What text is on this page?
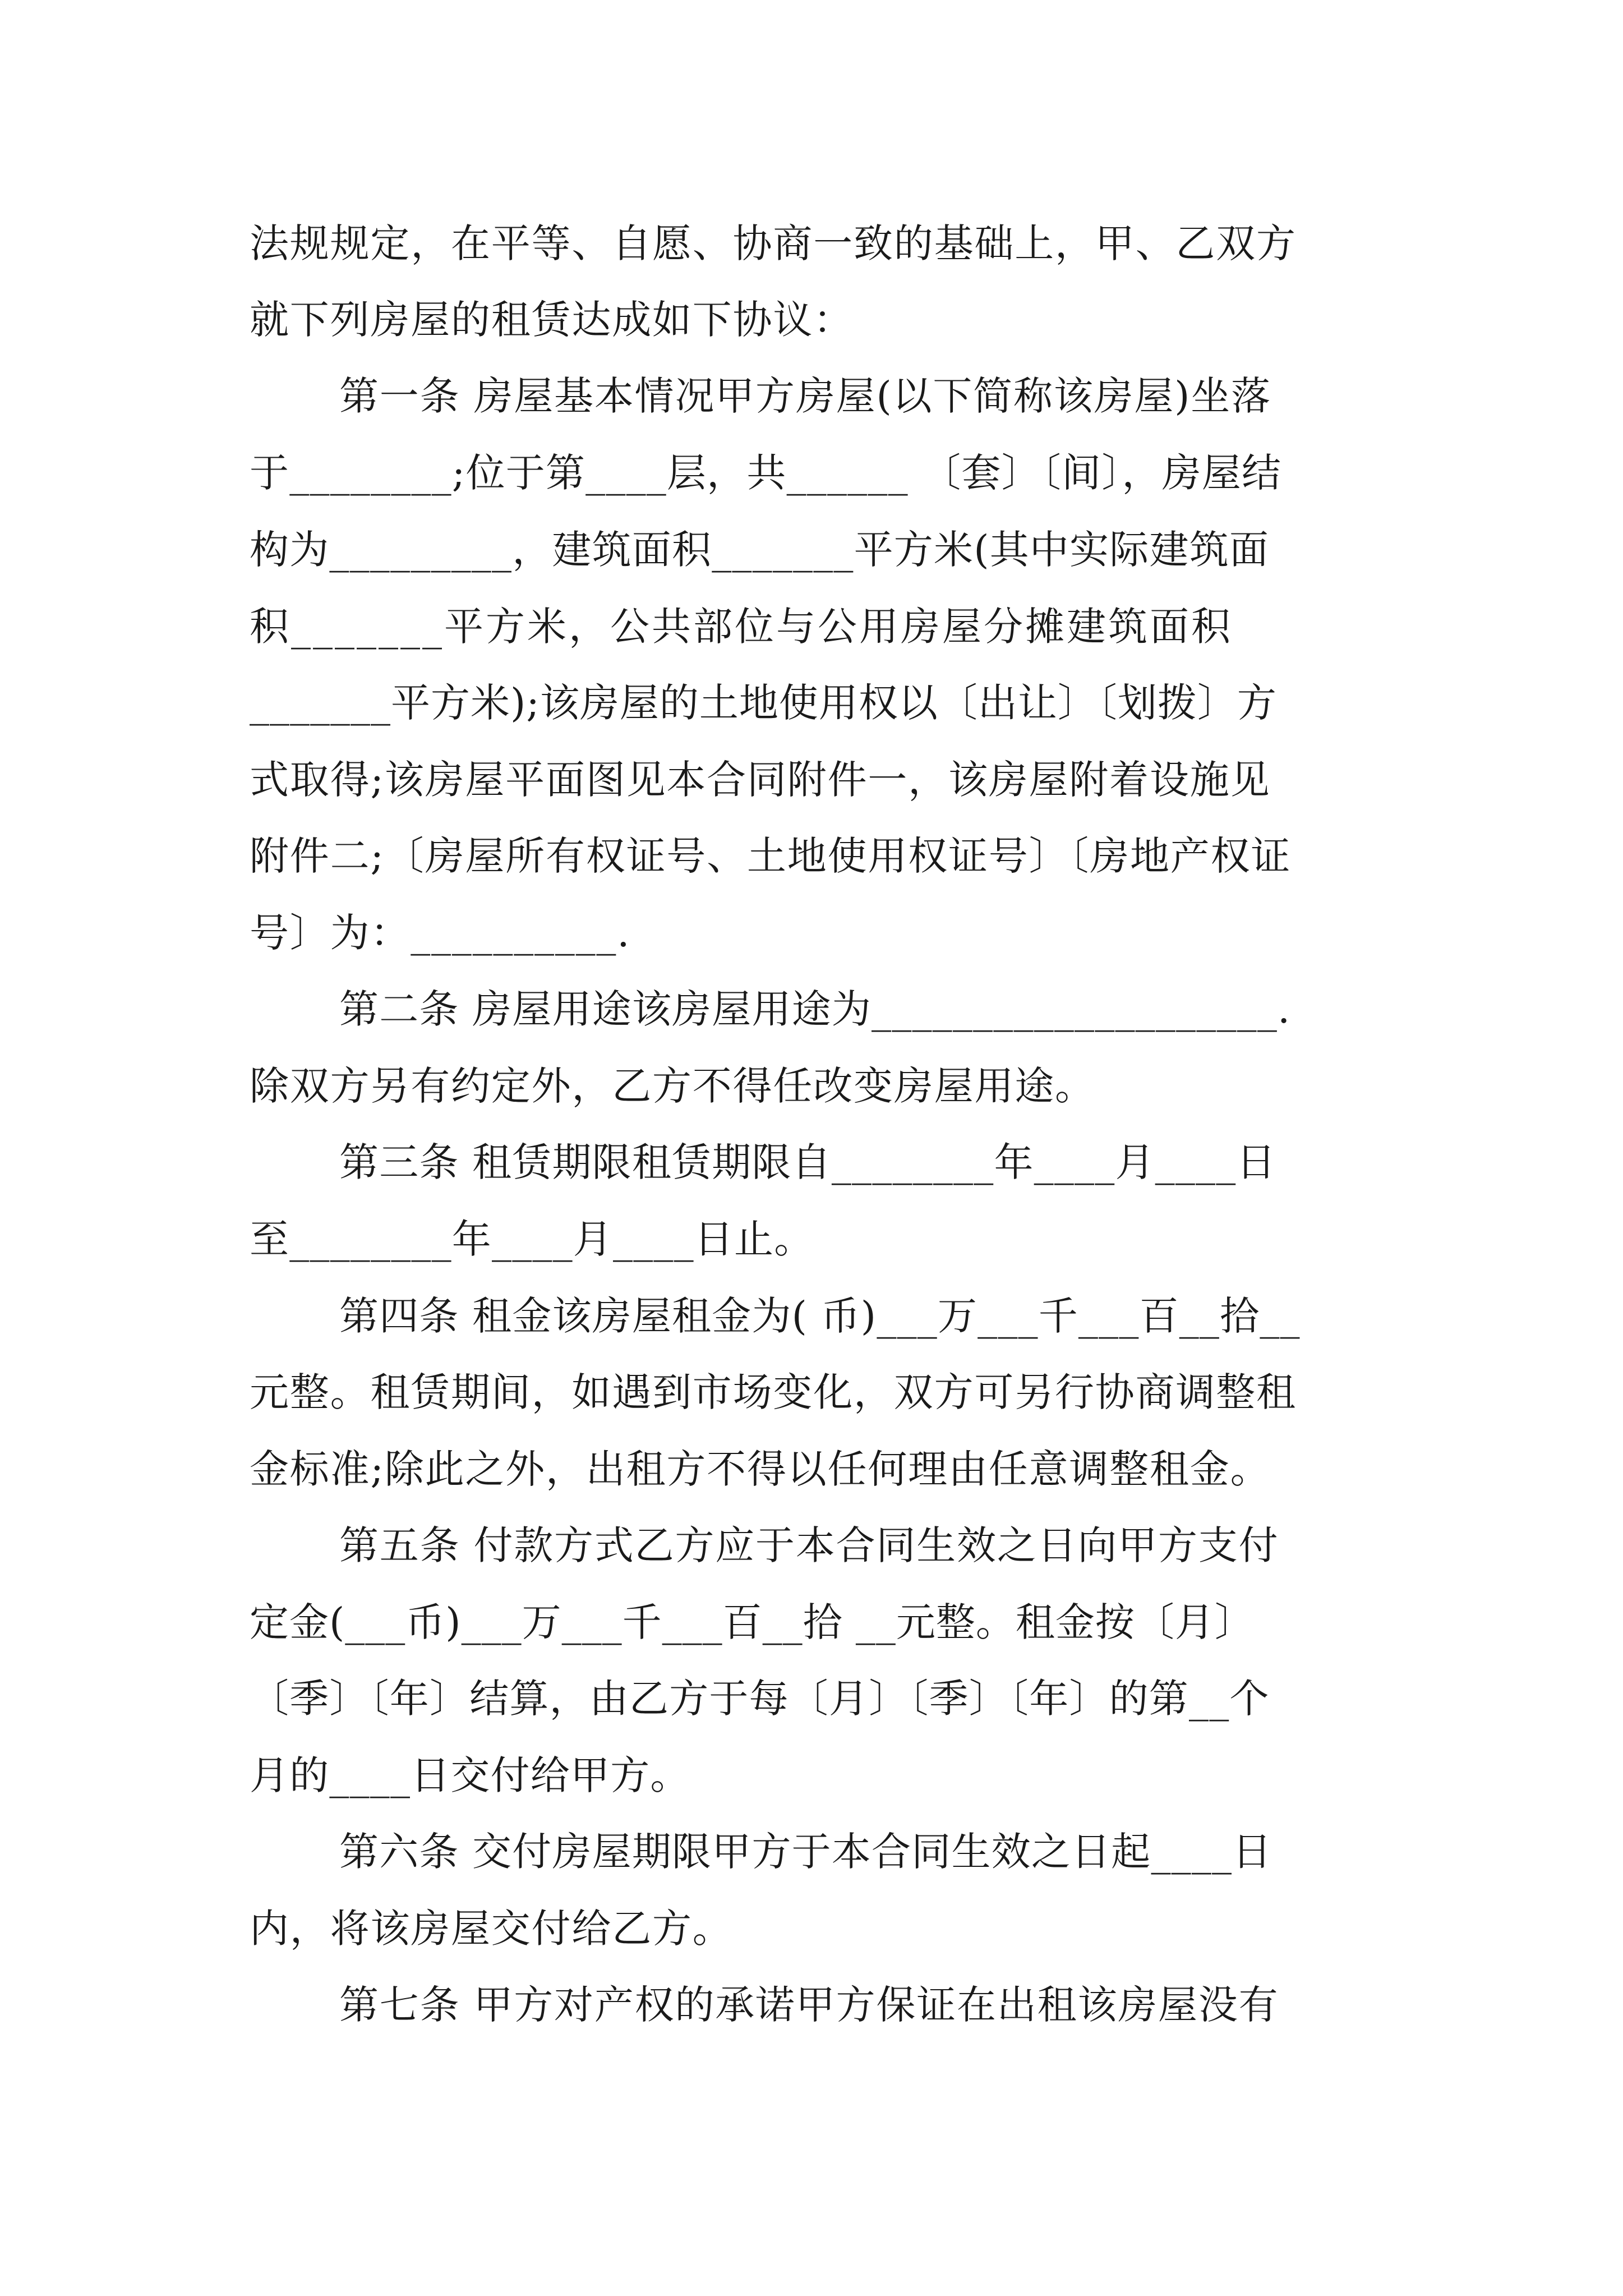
法规规定，在平等、自愿、协商一致的基础上，甲、乙双方
就下列房屋的租赁达成如下协议：
第一条 房屋基本情况甲方房屋(以下简称该房屋)坐落
于________;位于第____层，共______ 〔套〕〔间〕，房屋结
构为_________，建筑面积_______平方米(其中实际建筑面
积_______平方米，公共部位与公用房屋分摊建筑面积
_______平方米);该房屋的土地使用权以〔出让〕〔划拨〕方
式取得;该房屋平面图见本合同附件一，该房屋附着设施见
附件二;〔房屋所有权证号、土地使用权证号〕〔房地产权证
号〕为：__________.
第二条 房屋用途该房屋用途为____________________.
除双方另有约定外，乙方不得任改变房屋用途。
第三条 租赁期限租赁期限自________年____月____日
至________年____月____日止。
第四条 租金该房屋租金为( 币)___万___千___百__拾__
元整。租赁期间，如遇到市场变化，双方可另行协商调整租
金标准;除此之外，出租方不得以任何理由任意调整租金。
第五条 付款方式乙方应于本合同生效之日向甲方支付
定金(___币)___万___千___百__拾 __元整。租金按〔月〕
〔季〕〔年〕结算，由乙方于每〔月〕〔季〕〔年〕的第__个
月的____日交付给甲方。
第六条 交付房屋期限甲方于本合同生效之日起____日
内，将该房屋交付给乙方。
第七条 甲方对产权的承诺甲方保证在出租该房屋没有
